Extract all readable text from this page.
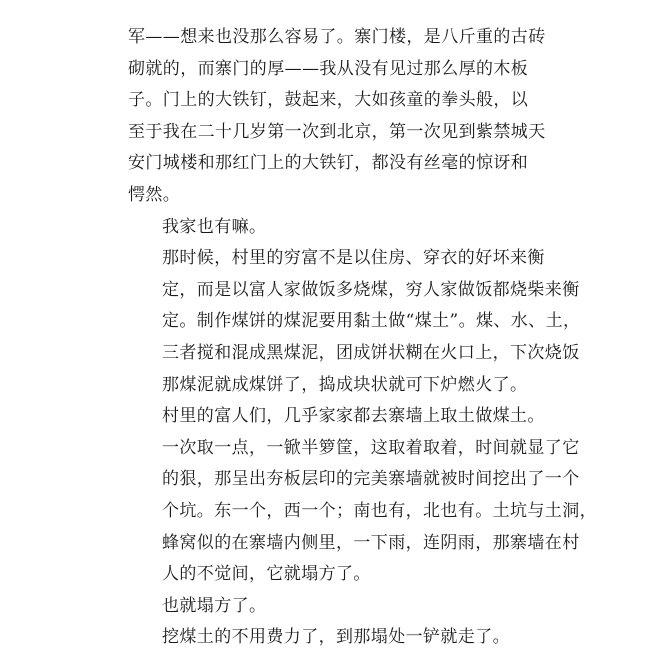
军——想来也没那么容易了。寨门楼，是八斤重的古砖
砌就的，而寨门的厚——我从没有见过那么厚的木板
子。门上的大铁钉，鼓起来，大如孩童的拳头般，以
至于我在二十几岁第一次到北京，第一次见到紫禁城天
安门城楼和那红门上的大铁钉，都没有丝毫的惊讶和
愕然。
我家也有嘛。
那时候，村里的穷富不是以住房、穿衣的好坏来衡
定，而是以富人家做饭多烧煤，穷人家做饭都烧柴来衡
定。制作煤饼的煤泥要用黏土做“煤土”。煤、水、土，
三者搅和混成黑煤泥，团成饼状糊在火口上，下次烧饭
那煤泥就成煤饼了，捣成块状就可下炉燃火了。
村里的富人们，几乎家家都去寨墙上取土做煤土。
一次取一点，一锨半箩筐，这取着取着，时间就显了它
的狠，那呈出夯板层印的完美寨墙就被时间挖出了一个
个坑。东一个，西一个；南也有，北也有。土坑与土洞，
蜂窝似的在寨墙内侧里，一下雨，连阴雨，那寨墙在村
人的不觉间，它就塌方了。
也就塌方了。
挖煤土的不用费力了，到那塌处一铲就走了。
